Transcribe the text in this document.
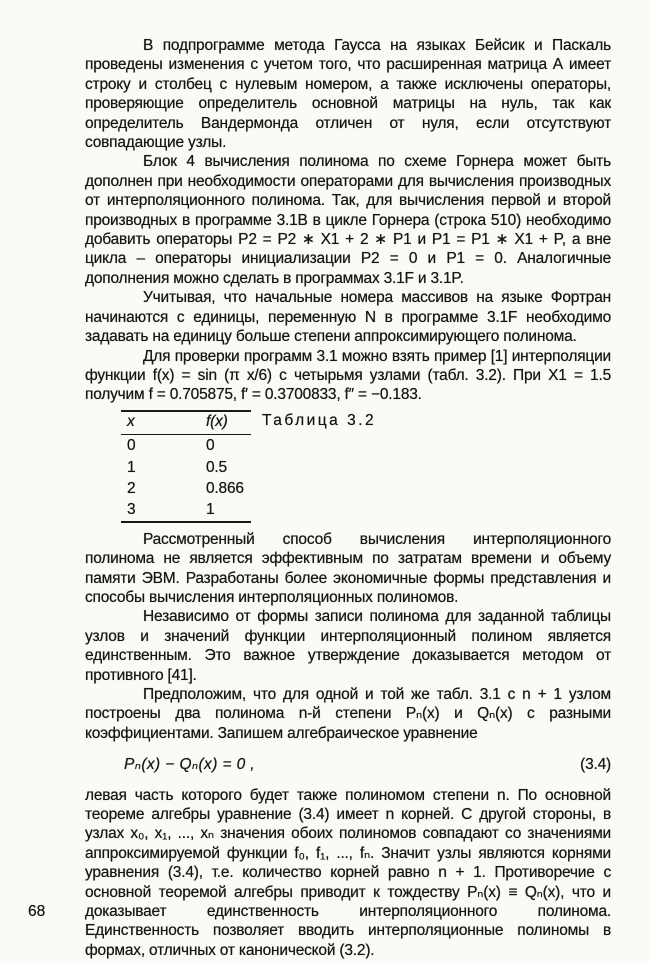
В подпрограмме метода Гаусса на языках Бейсик и Паскаль проведены изменения с учетом того, что расширенная матрица А имеет строку и столбец с нулевым номером, а также исключены операторы, проверяющие определитель основной матрицы на нуль, так как определитель Вандермонда отличен от нуля, если отсутствуют совпадающие узлы.

Блок 4 вычисления полинома по схеме Горнера может быть дополнен при необходимости операторами для вычисления производных от интерполяционного полинома. Так, для вычисления первой и второй производных в программе 3.1В в цикле Горнера (строка 510) необходимо добавить операторы P2 = P2 ∗ X1 + 2 ∗ P1 и P1 = P1 ∗ X1 + P, а вне цикла – операторы инициализации P2 = 0 и P1 = 0. Аналогичные дополнения можно сделать в программах 3.1F и 3.1P.

Учитывая, что начальные номера массивов на языке Фортран начинаются с единицы, переменную N в программе 3.1F необходимо задавать на единицу больше степени аппроксимирующего полинома.

Для проверки программ 3.1 можно взять пример [1] интерполяции функции f(x) = sin (π x/6) с четырьмя узлами (табл. 3.2). При X1 = 1.5 получим f = 0.705875, f′ = 0.3700833, f″ = −0.183.

Таблица 3.2
x	f(x)
0	0
1	0.5
2	0.866
3	1

Рассмотренный способ вычисления интерполяционного полинома не является эффективным по затратам времени и объему памяти ЭВМ. Разработаны более экономичные формы представления и способы вычисления интерполяционных полиномов.

Независимо от формы записи полинома для заданной таблицы узлов и значений функции интерполяционный полином является единственным. Это важное утверждение доказывается методом от противного [41].

Предположим, что для одной и той же табл. 3.1 с n + 1 узлом построены два полинома n-й степени Pₙ(x) и Qₙ(x) с разными коэффициентами. Запишем алгебраическое уравнение

Pₙ(x) − Qₙ(x) = 0 ,	(3.4)

левая часть которого будет также полиномом степени n. По основной теореме алгебры уравнение (3.4) имеет n корней. С другой стороны, в узлах x₀, x₁, ..., xₙ значения обоих полиномов совпадают со значениями аппроксимируемой функции f₀, f₁, ..., fₙ. Значит узлы являются корнями уравнения (3.4), т.е. количество корней равно n + 1. Противоречие с основной теоремой алгебры приводит к тождеству Pₙ(x) ≡ Qₙ(x), что и доказывает единственность интерполяционного полинома. Единственность позволяет вводить интерполяционные полиномы в формах, отличных от канонической (3.2).

68
